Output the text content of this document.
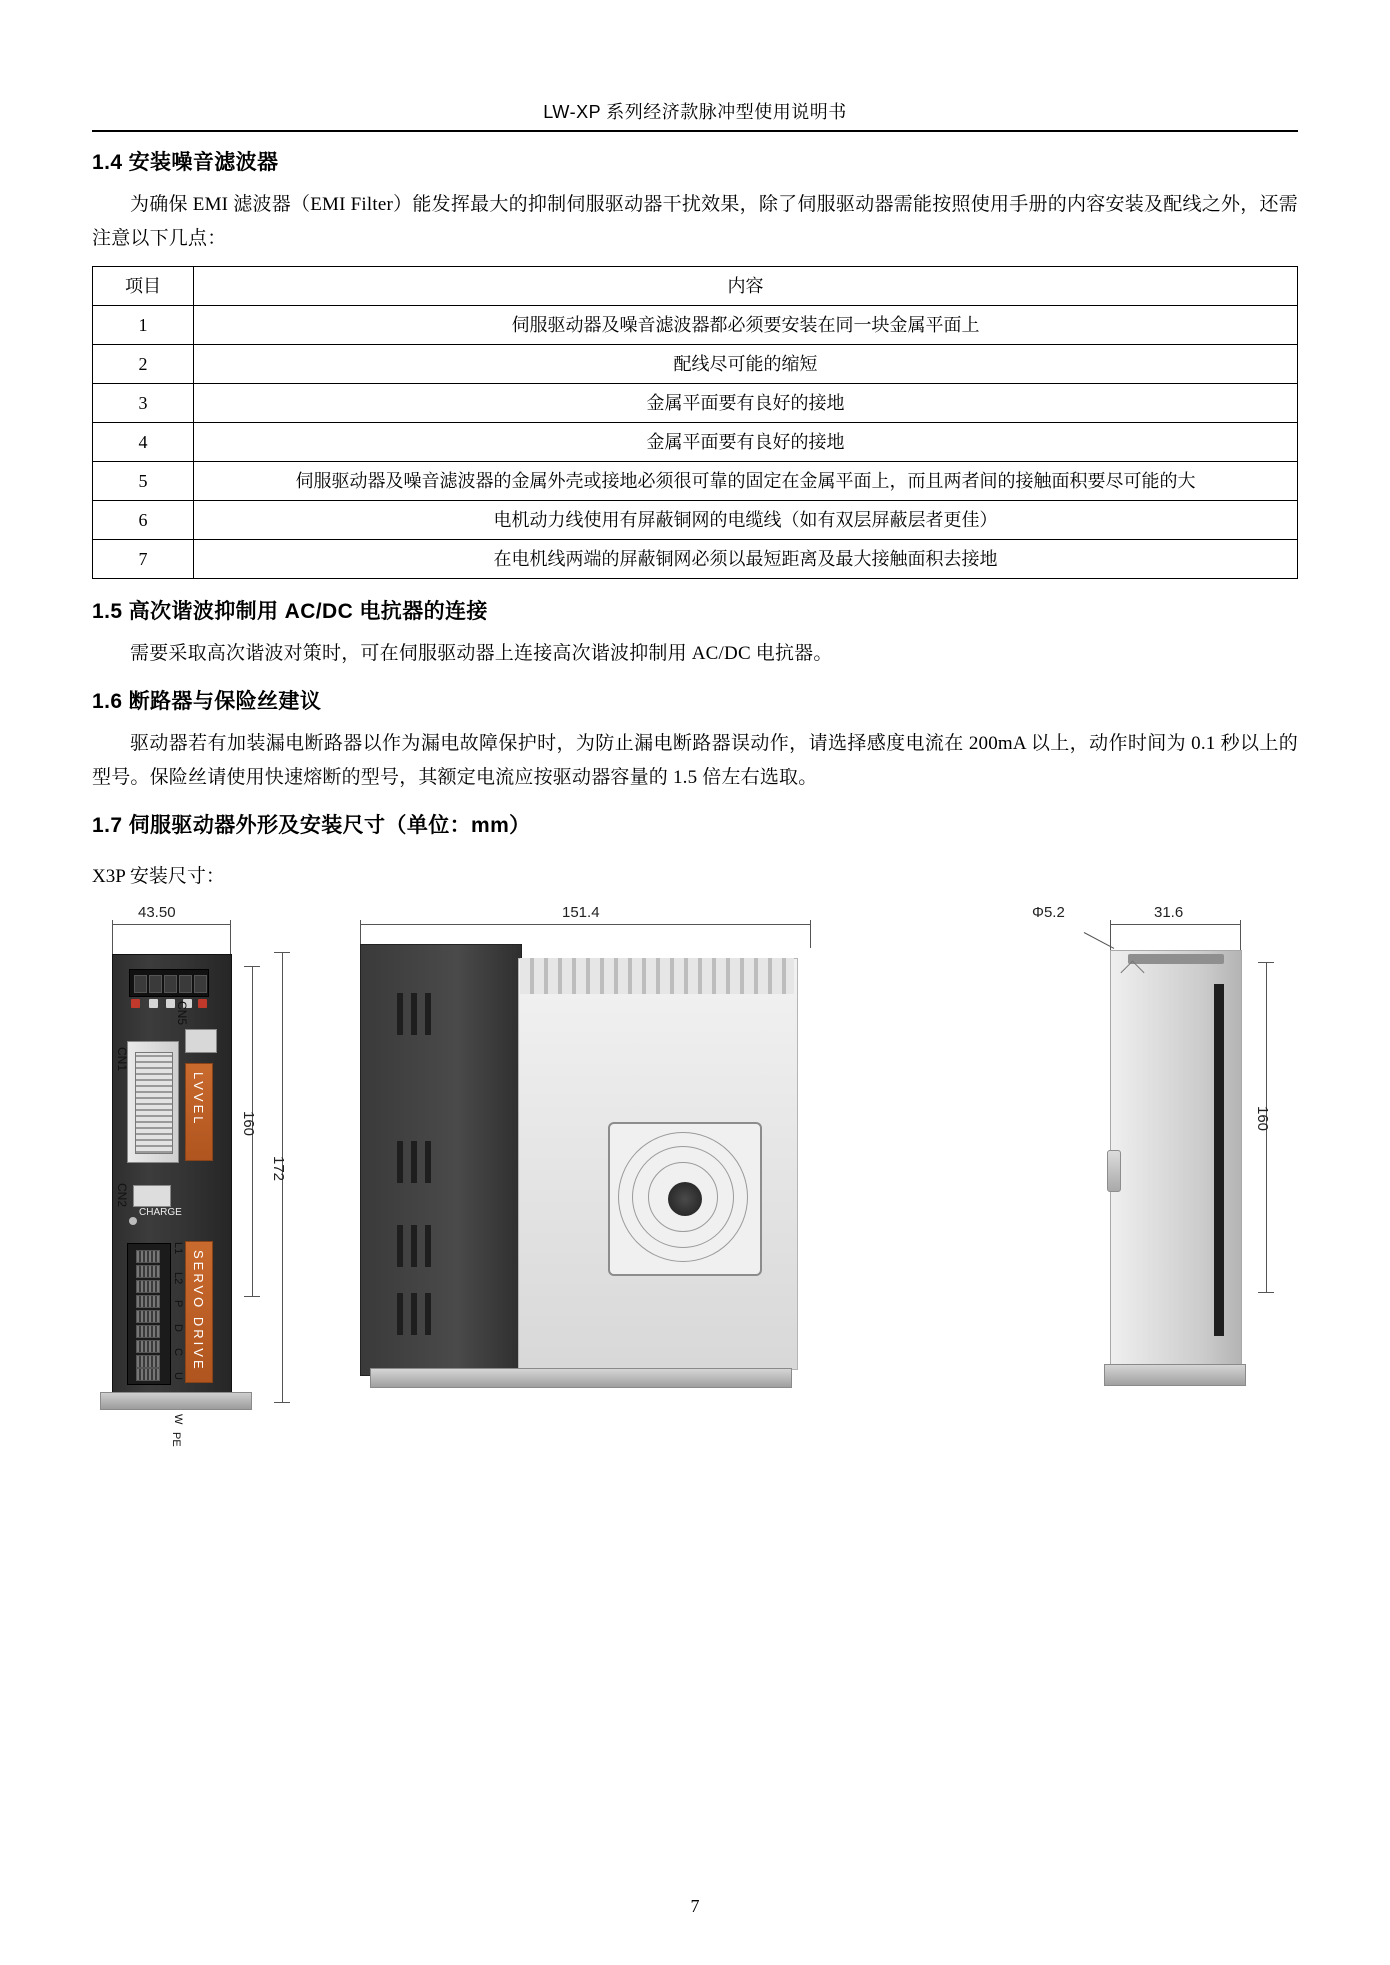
LW-XP 系列经济款脉冲型使用说明书
1.4 安装噪音滤波器

为确保 EMI 滤波器（EMI Filter）能发挥最大的抑制伺服驱动器干扰效果，除了伺服驱动器需能按照使用手册的内容安装及配线之外，还需注意以下几点：

项目	内容
1	伺服驱动器及噪音滤波器都必须要安装在同一块金属平面上
2	配线尽可能的缩短
3	金属平面要有良好的接地
4	金属平面要有良好的接地
5	伺服驱动器及噪音滤波器的金属外壳或接地必须很可靠的固定在金属平面上，而且两者间的接触面积要尽可能的大
6	电机动力线使用有屏蔽铜网的电缆线（如有双层屏蔽层者更佳）
7	在电机线两端的屏蔽铜网必须以最短距离及最大接触面积去接地
1.5 高次谐波抑制用 AC/DC 电抗器的连接

需要采取高次谐波对策时，可在伺服驱动器上连接高次谐波抑制用 AC/DC 电抗器。

1.6 断路器与保险丝建议

驱动器若有加装漏电断路器以作为漏电故障保护时，为防止漏电断路器误动作，请选择感度电流在 200mA 以上，动作时间为 0.1 秒以上的型号。保险丝请使用快速熔断的型号，其额定电流应按驱动器容量的 1.5 倍左右选取。

1.7 伺服驱动器外形及安装尺寸（单位：mm）

X3P 安装尺寸：

43.50
CN1
CN5
CN2
CHARGE
LVVEL
SERVO DRIVE
L1
L2
P
D
C
U
W
PE
160
172
151.4	Φ5.2	31.6
160
7
